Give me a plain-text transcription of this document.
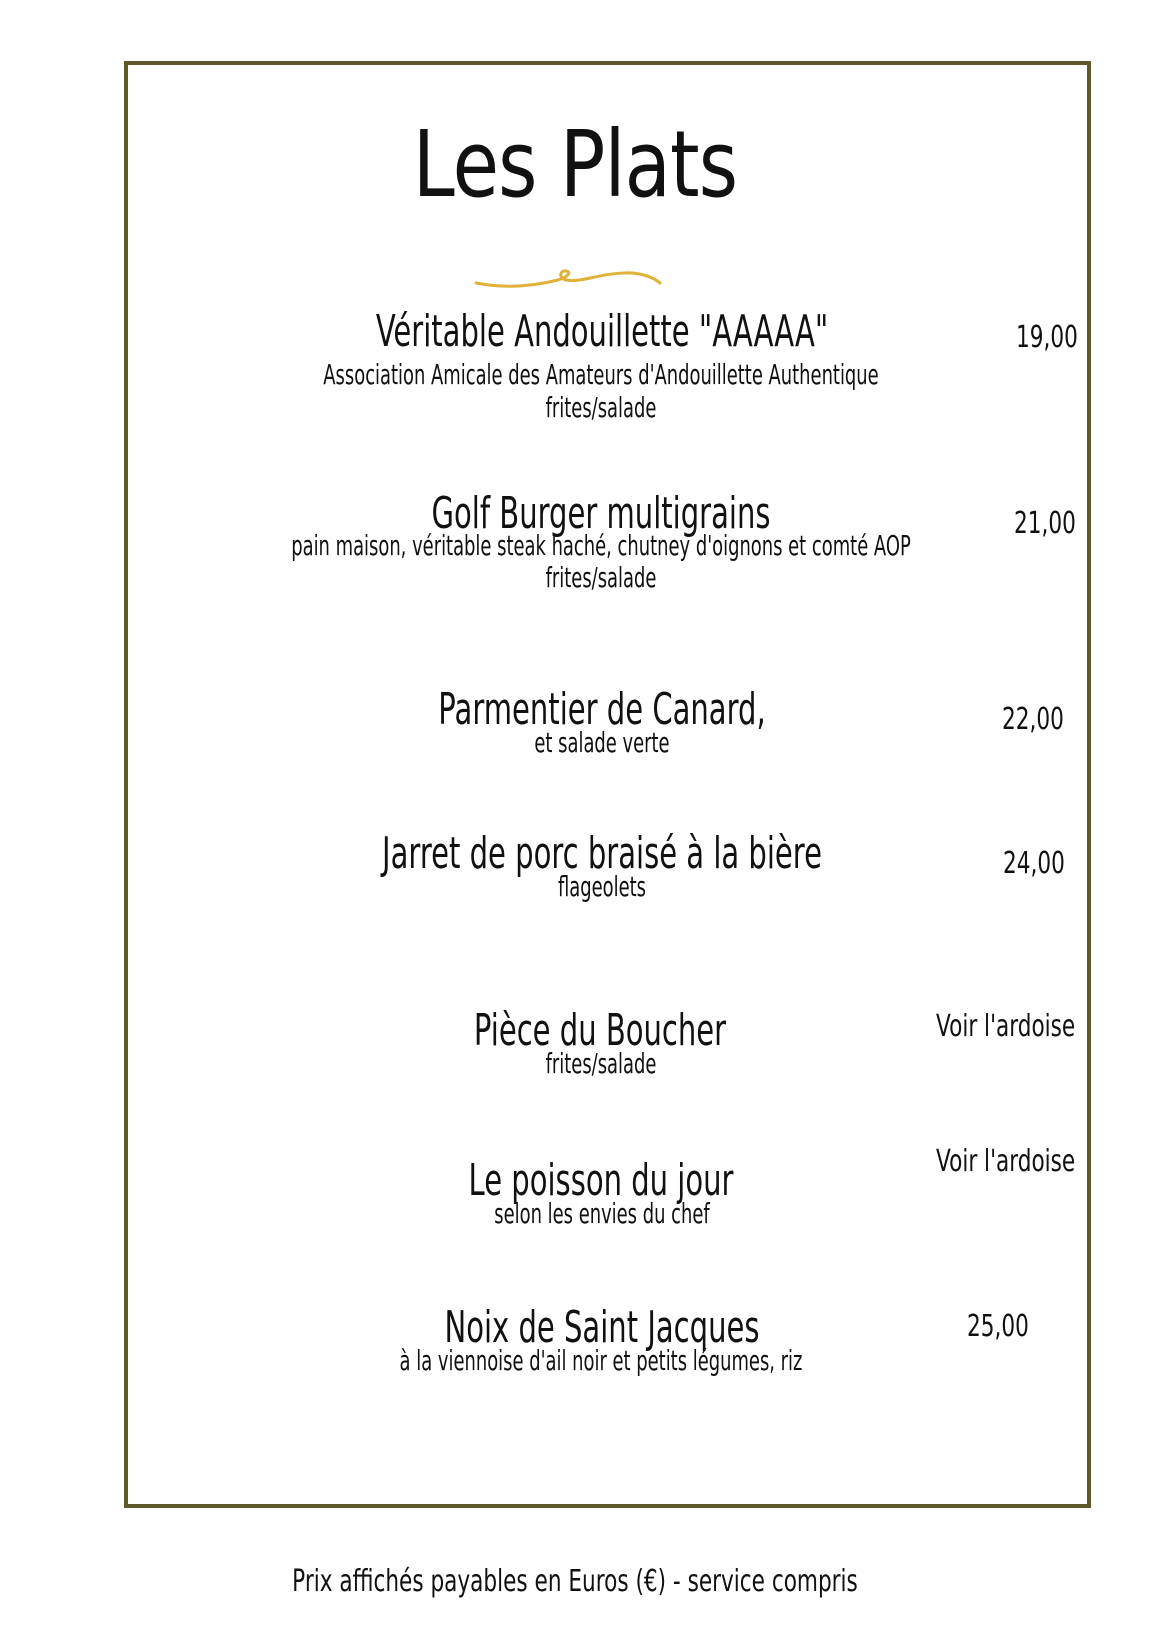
Les Plats
Véritable Andouillette "AAAAA"
Association Amicale des Amateurs d'Andouillette Authentique
frites/salade
19,00
Golf Burger multigrains
pain maison, véritable steak haché, chutney d'oignons et comté AOP
frites/salade
21,00
Parmentier de Canard,
et salade verte
22,00
Jarret de porc braisé à la bière
flageolets
24,00
Pièce du Boucher
frites/salade
Voir l'ardoise
Le poisson du jour
selon les envies du chef
Voir l'ardoise
Noix de Saint Jacques
à la viennoise d'ail noir et petits légumes, riz
25,00
Prix affichés payables en Euros (€) - service compris
